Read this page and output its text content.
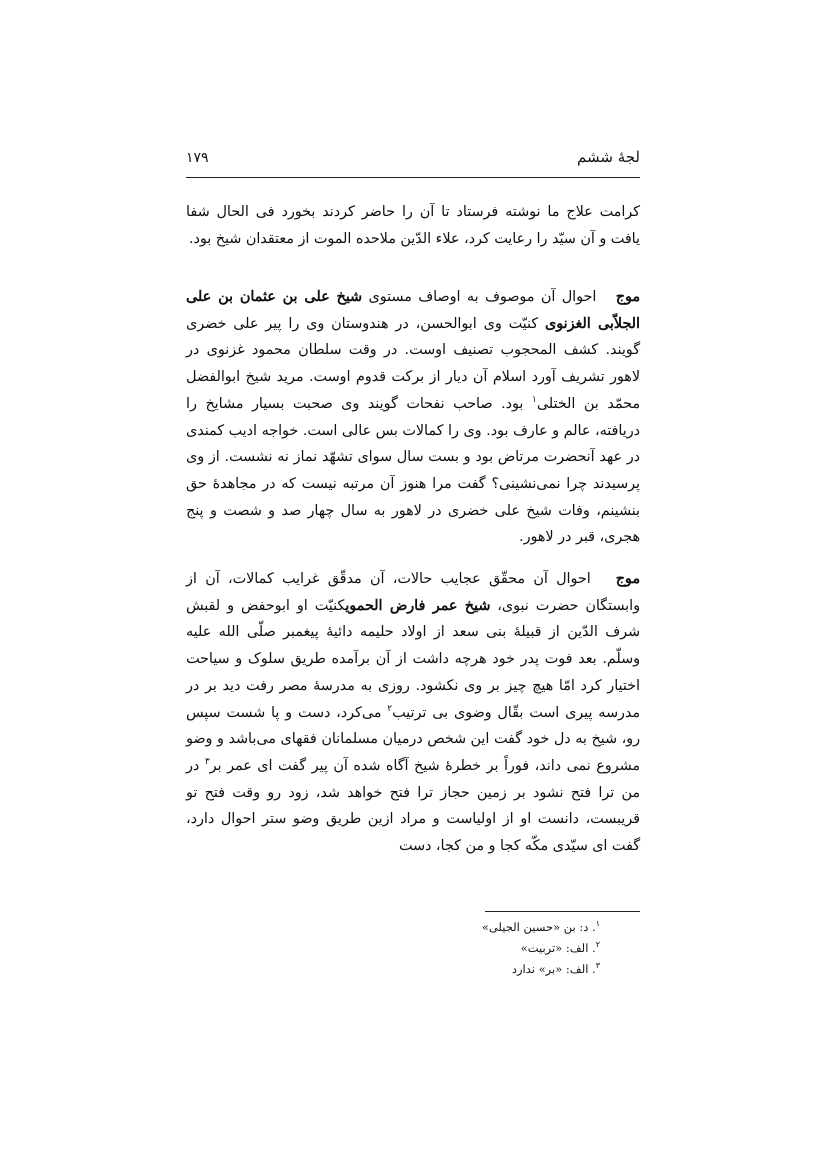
١٧٩	لجۀ ششم

کرامت علاج ما نوشته فرستاد تا آن را حاضر کردند بخورد فی الحال شفا یافت و آن سیّد را رعایت کرد، علاء الدّین ملاحده الموت از معتقدان شیخ بود.

موج   احوال آن موصوف به اوصاف مستوی شیخ علی بن عثمان بن علی الجلاّبی الغزنوی کنیّت وی ابوالحسن، در هندوستان وی را پیر علی خضری گویند. کشف المحجوب تصنیف اوست. در وقت سلطان محمود غزنوی در لاهور تشریف آورد اسلام آن دیار از برکت قدوم اوست. مرید شیخ ابوالفضل محمّد بن الختلی$^١$ بود. صاحب نفحات گویند وی صحبت بسیار مشایخ را دریافته، عالم و عارف بود. وی را کمالات بس عالی است. خواجه ادیب کمندی در عهد آنحضرت مرتاض بود و بست سال سوای تشهّد نماز نه نشست. از وی پرسیدند چرا نمی‌نشینی؟ گفت مرا هنوز آن مرتبه نیست که در مجاهدۀ حق بنشینم، وفات شیخ علی خضری در لاهور به سال چهار صد و شصت و پنج هجری، قبر در لاهور.

موج   احوال آن محقّق عجایب حالات، آن مدقّق غرایب کمالات، آن از وابستگان حضرت نبوی، شیخ عمر فارض الحمویکنیّت او ابوحفض و لقبش شرف الدّین از قبیلۀ بنی سعد از اولاد حلیمه دائیۀ پیغمبر صلّی الله علیه وسلّم. بعد فوت پدر خود هرچه داشت از آن برآمده طریق سلوک و سیاحت اختیار کرد امّا هیچ چیز بر وی نکشود. روزی به مدرسۀ مصر رفت دید بر در مدرسه پیری است بقّال وضوی بی ترتیب$^٢$ می‌کرد، دست و پا شست سپس رو، شیخ به دل خود گفت این شخص درمیان مسلمانان فقهای می‌باشد و وضو مشروع نمی داند، فوراً بر خطرۀ شیخ آگاه شده آن پیر گفت ای عمر بر$^٣$ در من ترا فتح نشود بر زمین حجاز ترا فتح خواهد شد، زود رو وقت فتح تو قریبست، دانست او از اولیاست و مراد ازین طریق وضو ستر احوال دارد، گفت ای سیّدی مکّه کجا و من کجا، دست

$^١$. د: بن «حسین الجیلی»
$^٢$. الف: «تربیت»
$^٣$. الف: «بر» ندارد
